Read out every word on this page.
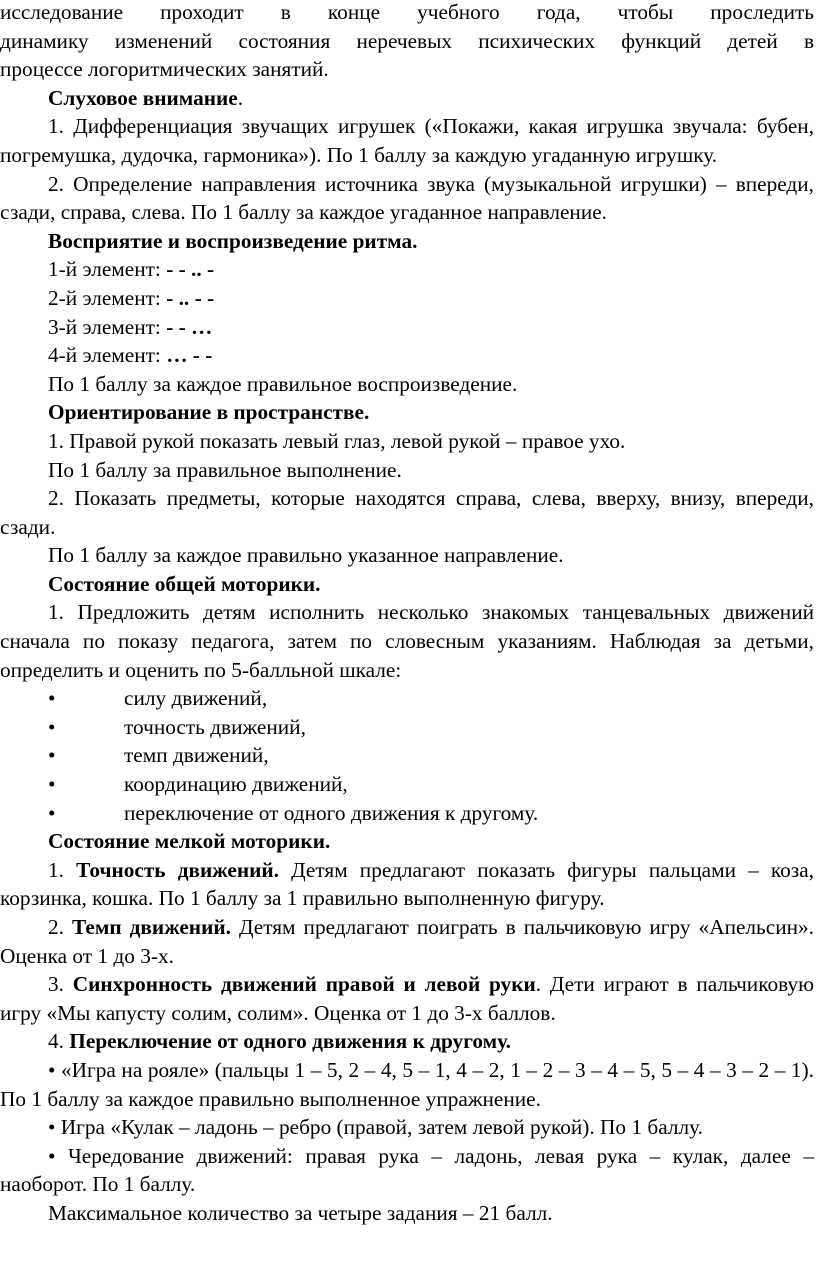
исследование проходит в конце учебного года, чтобы проследить

динамику изменений состояния неречевых психических функций детей в

процессе логоритмических занятий.

Слуховое внимание.

1. Дифференциация звучащих игрушек («Покажи, какая игрушка звучала: бубен, погремушка, дудочка, гармоника»). По 1 баллу за каждую угаданную игрушку.

2. Определение направления источника звука (музыкальной игрушки) – впереди, сзади, справа, слева. По 1 баллу за каждое угаданное направление.

Восприятие и воспроизведение ритма.

1-й элемент: - - .. -

2-й элемент: - .. - -

3-й элемент: - - …

4-й элемент: … - -

По 1 баллу за каждое правильное воспроизведение.

Ориентирование в пространстве.

1. Правой рукой показать левый глаз, левой рукой – правое ухо.

По 1 баллу за правильное выполнение.

2. Показать предметы, которые находятся справа, слева, вверху, внизу, впереди, сзади.

По 1 баллу за каждое правильно указанное направление.

Состояние общей моторики.

1. Предложить детям исполнить несколько знакомых танцевальных движений сначала по показу педагога, затем по словесным указаниям. Наблюдая за детьми, определить и оценить по 5-балльной шкале:

•	силу движений,

•	точность движений,

•	темп движений,

•	координацию движений,

•	переключение от одного движения к другому.

Состояние мелкой моторики.

1. Точность движений. Детям предлагают показать фигуры пальцами – коза, корзинка, кошка. По 1 баллу за 1 правильно выполненную фигуру.

2. Темп движений. Детям предлагают поиграть в пальчиковую игру «Апельсин». Оценка от 1 до 3-х.

3. Синхронность движений правой и левой руки. Дети играют в пальчиковую игру «Мы капусту солим, солим». Оценка от 1 до 3-х баллов.

4. Переключение от одного движения к другому.

• «Игра на рояле» (пальцы 1 – 5, 2 – 4, 5 – 1, 4 – 2, 1 – 2 – 3 – 4 – 5, 5 – 4 – 3 – 2 – 1). По 1 баллу за каждое правильно выполненное упражнение.

• Игра «Кулак – ладонь – ребро (правой, затем левой рукой). По 1 баллу.

• Чередование движений: правая рука – ладонь, левая рука – кулак, далее – наоборот. По 1 баллу.

Максимальное количество за четыре задания – 21 балл.
